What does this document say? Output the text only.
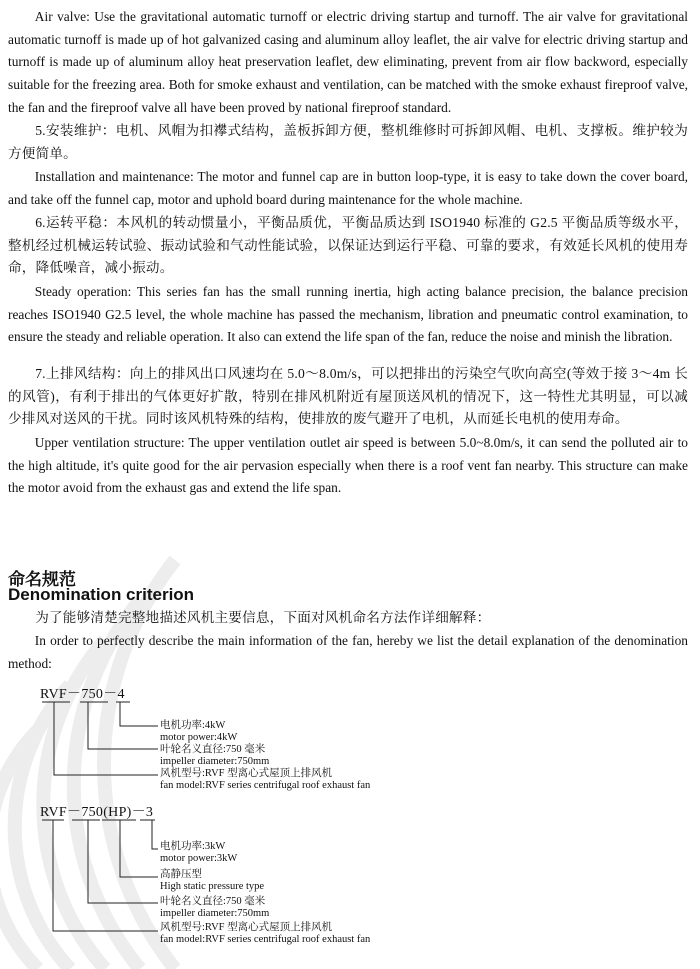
Air valve: Use the gravitational automatic turnoff or electric driving startup and turnoff. The air valve for gravitational automatic turnoff is made up of hot galvanized casing and aluminum alloy leaflet, the air valve for electric driving startup and turnoff is made up of aluminum alloy heat preservation leaflet, dew eliminating, prevent from air flow backword, especially suitable for the freezing area. Both for smoke exhaust and ventilation, can be matched with the smoke exhaust fireproof valve, the fan and the fireproof valve all have been proved by national fireproof standard.

5.安装维护：电机、风帽为扣襻式结构，盖板拆卸方便，整机维修时可拆卸风帽、电机、支撑板。维护较为方便简单。

Installation and maintenance: The motor and funnel cap are in button loop-type, it is easy to take down the cover board, and take off the funnel cap, motor and uphold board during maintenance for the whole machine.

6.运转平稳：本风机的转动惯量小，平衡品质优，平衡品质达到 ISO1940 标准的 G2.5 平衡品质等级水平，整机经过机械运转试验、振动试验和气动性能试验，以保证达到运行平稳、可靠的要求，有效延长风机的使用寿命，降低噪音，减小振动。

Steady operation: This series fan has the small running inertia, high acting balance precision, the balance precision reaches ISO1940 G2.5 level, the whole machine has passed the mechanism, libration and pneumatic control examination, to ensure the steady and reliable operation. It also can extend the life span of the fan, reduce the noise and minish the libration.

7.上排风结构：向上的排风出口风速均在 5.0～8.0m/s，可以把排出的污染空气吹向高空(等效于接 3～4m 长的风管)，有利于排出的气体更好扩散，特别在排风机附近有屋顶送风机的情况下，这一特性尤其明显，可以减少排风对送风的干扰。同时该风机特殊的结构，使排放的废气避开了电机，从而延长电机的使用寿命。

Upper ventilation structure: The upper ventilation outlet air speed is between 5.0~8.0m/s, it can send the polluted air to the high altitude, it's quite good for the air pervasion especially when there is a roof vent fan nearby. This structure can make the motor avoid from the exhaust gas and extend the life span.

命名规范
Denomination criterion

为了能够清楚完整地描述风机主要信息，下面对风机命名方法作详细解释：

In order to perfectly describe the main information of the fan, hereby we list the detail explanation of the denomination method:

RVF－750－4
电机功率:4kW
motor power:4kW
叶轮名义直径:750 毫米
impeller diameter:750mm
风机型号:RVF 型离心式屋顶上排风机
fan model:RVF series centrifugal roof exhaust fan
RVF－750(HP)－3
电机功率:3kW
motor power:3kW
高静压型
High static pressure type
叶轮名义直径:750 毫米
impeller diameter:750mm
风机型号:RVF 型离心式屋顶上排风机
fan model:RVF series centrifugal roof exhaust fan
